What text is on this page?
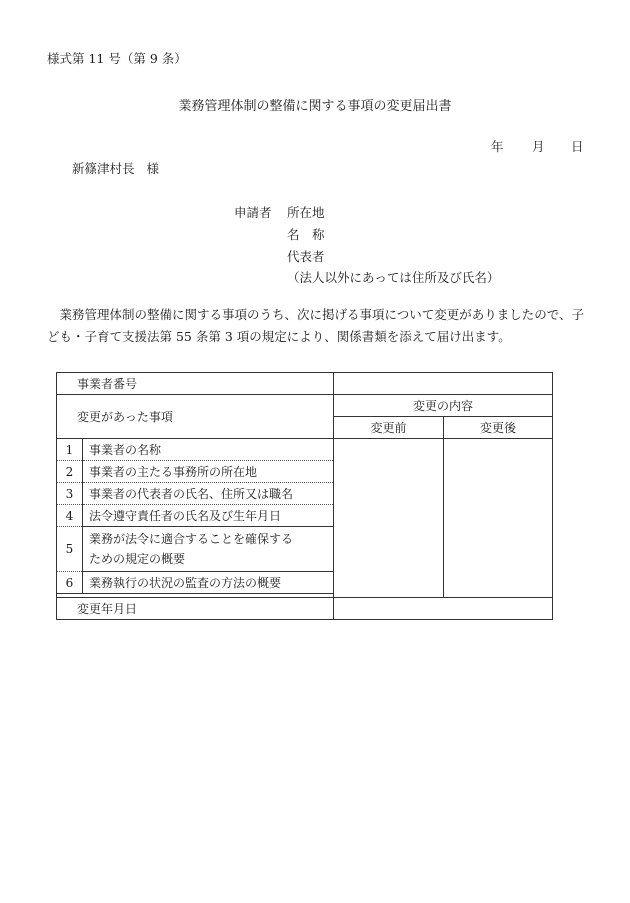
様式第 11 号（第 9 条）
業務管理体制の整備に関する事項の変更届出書
年 月 日
新篠津村長 様
申請者 所在地
名　称
代表者
（法人以外にあっては住所及び氏名）
業務管理体制の整備に関する事項のうち、次に掲げる事項について変更がありましたので、子ども・子育て支援法第 55 条第 3 項の規定により、関係書類を添えて届け出ます。
事業者番号			
変更があった事項		変更の内容	
		変更前	変更後
1	事業者の名称		
2	事業者の主たる事務所の所在地		
3	事業者の代表者の氏名、住所又は職名		
4	法令遵守責任者の氏名及び生年月日		
5	業務が法令に適合することを確保する
ための規定の概要		
6	業務執行の状況の監査の方法の概要		

変更年月日			
